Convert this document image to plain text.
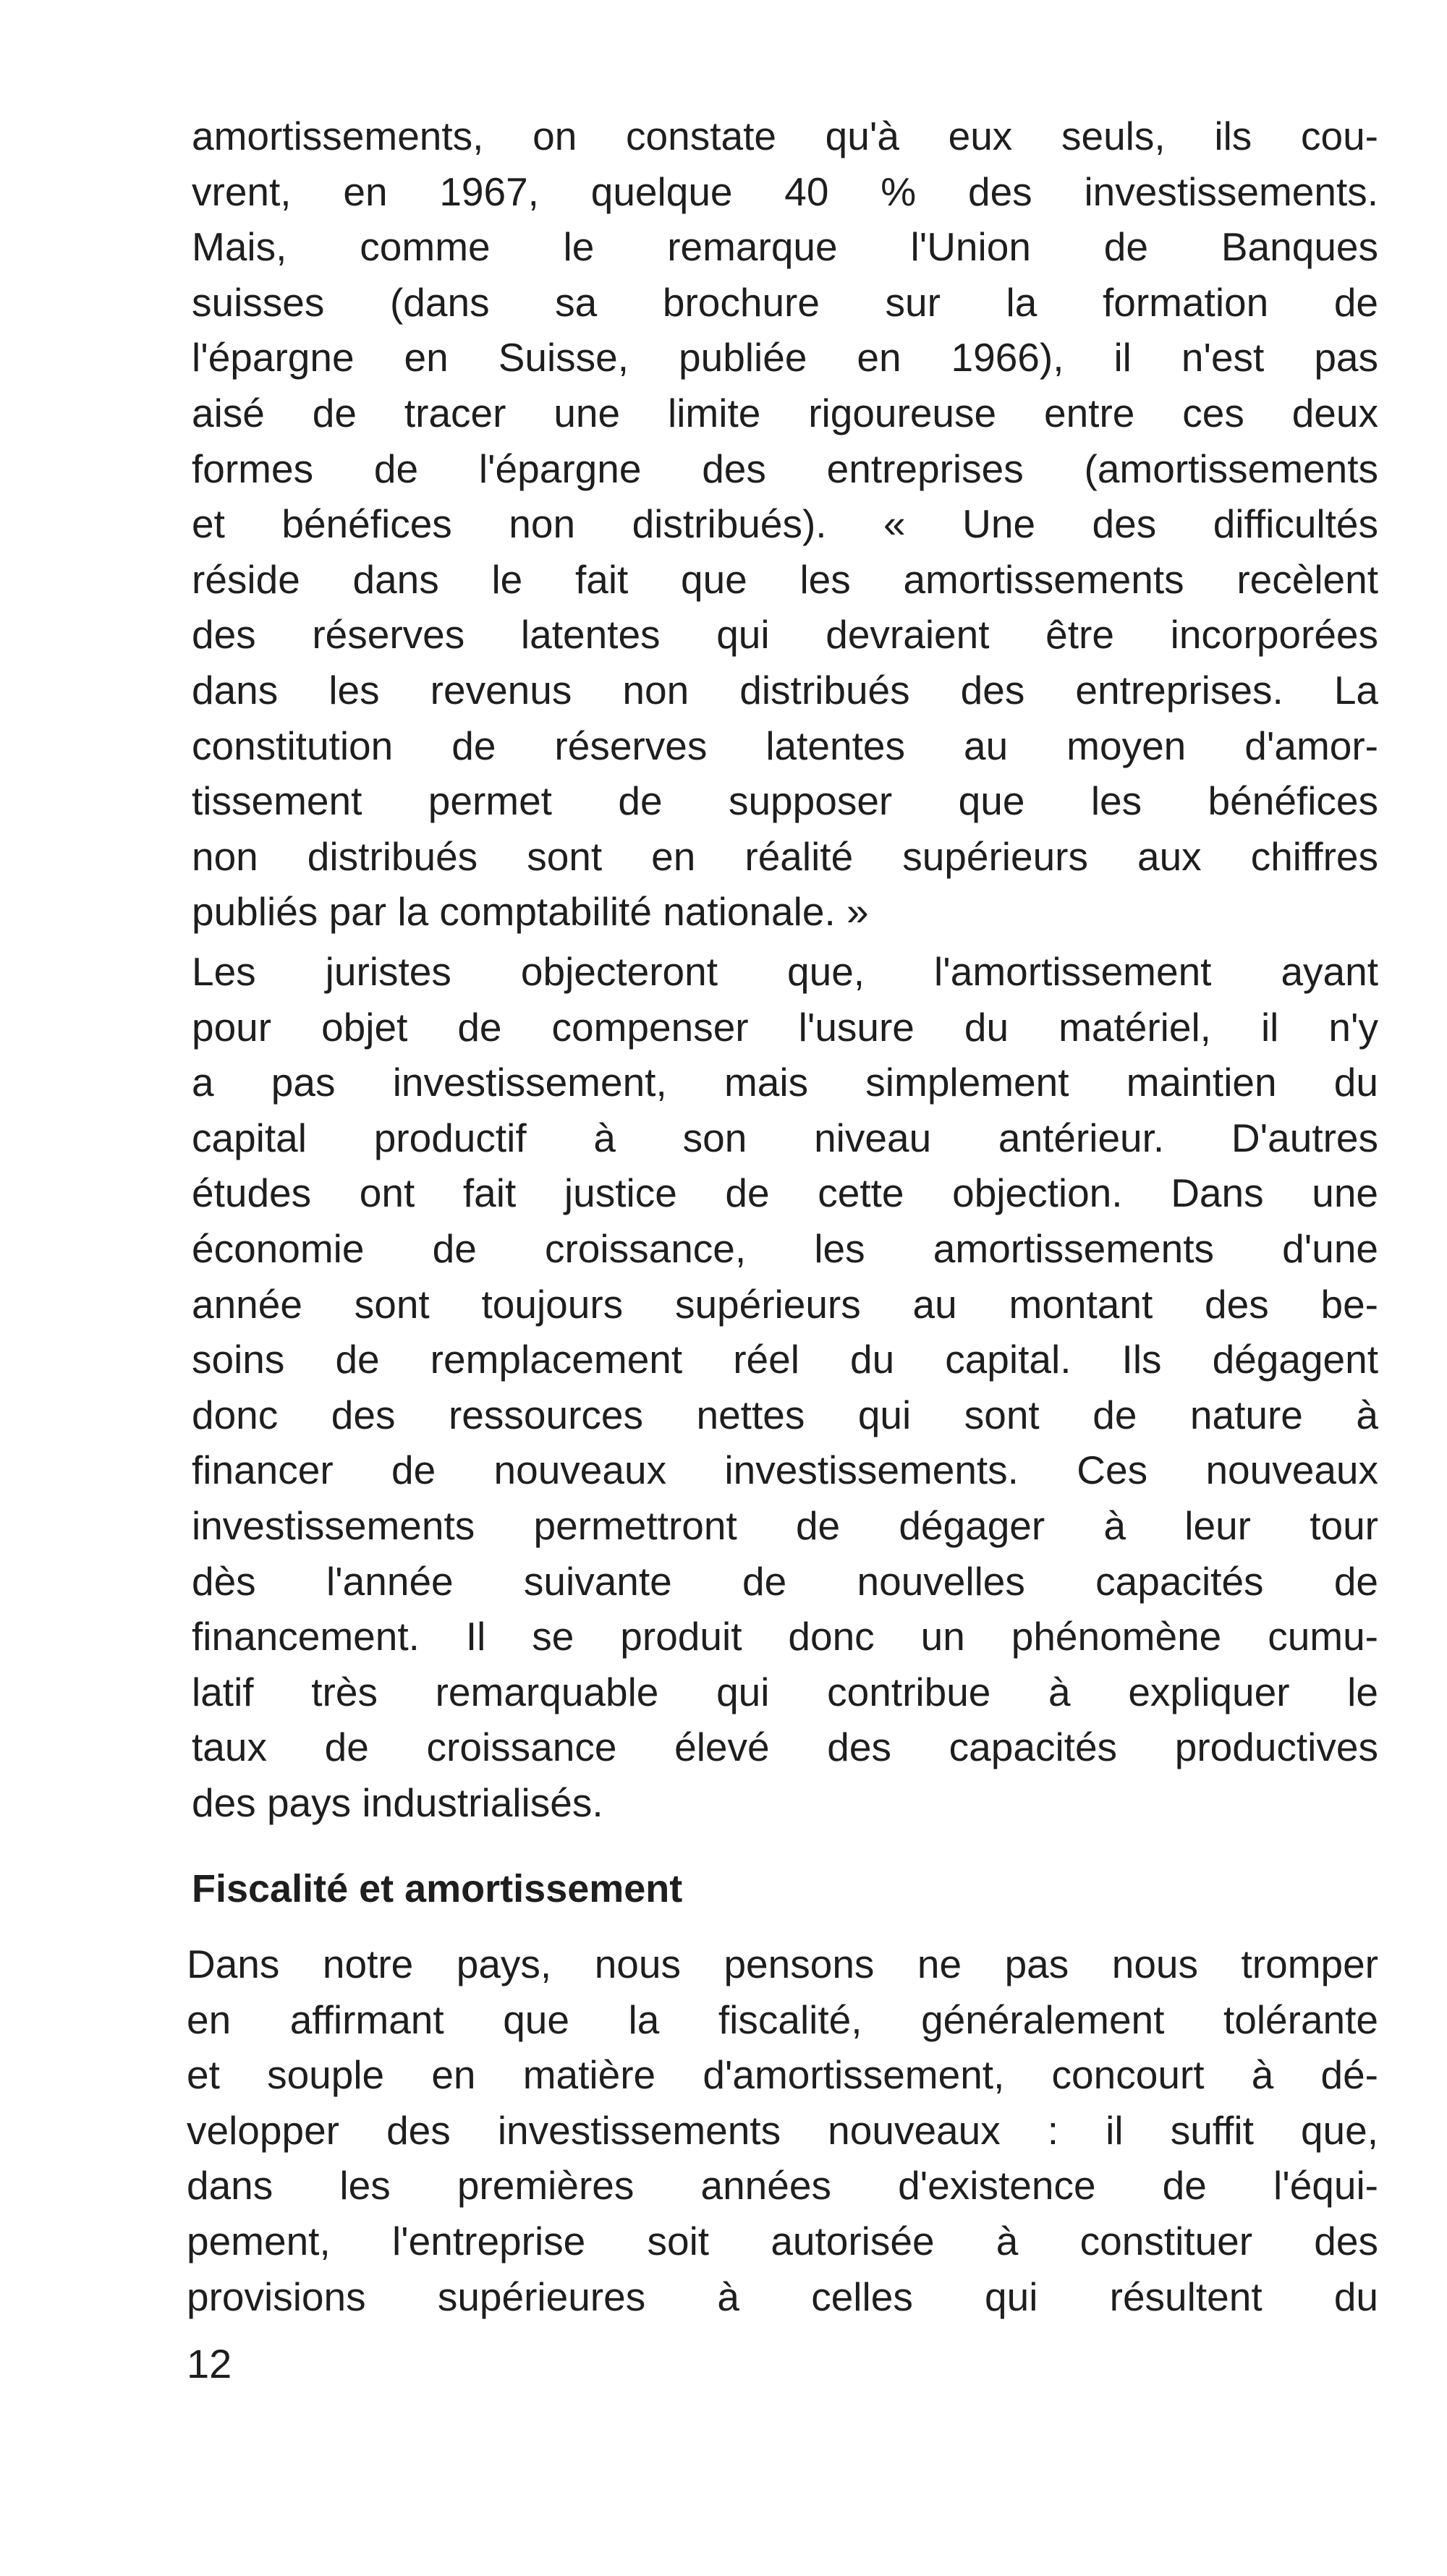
amortissements, on constate qu'à eux seuls, ils cou-
vrent, en 1967, quelque 40 % des investissements.
Mais, comme le remarque l'Union de Banques
suisses (dans sa brochure sur la formation de
l'épargne en Suisse, publiée en 1966), il n'est pas
aisé de tracer une limite rigoureuse entre ces deux
formes de l'épargne des entreprises (amortissements
et bénéfices non distribués). « Une des difficultés
réside dans le fait que les amortissements recèlent
des réserves latentes qui devraient être incorporées
dans les revenus non distribués des entreprises. La
constitution de réserves latentes au moyen d'amor-
tissement permet de supposer que les bénéfices
non distribués sont en réalité supérieurs aux chiffres
publiés par la comptabilité nationale. »
Les juristes objecteront que, l'amortissement ayant
pour objet de compenser l'usure du matériel, il n'y
a pas investissement, mais simplement maintien du
capital productif à son niveau antérieur. D'autres
études ont fait justice de cette objection. Dans une
économie de croissance, les amortissements d'une
année sont toujours supérieurs au montant des be-
soins de remplacement réel du capital. Ils dégagent
donc des ressources nettes qui sont de nature à
financer de nouveaux investissements. Ces nouveaux
investissements permettront de dégager à leur tour
dès l'année suivante de nouvelles capacités de
financement. Il se produit donc un phénomène cumu-
latif très remarquable qui contribue à expliquer le
taux de croissance élevé des capacités productives
des pays industrialisés.
Fiscalité et amortissement
Dans notre pays, nous pensons ne pas nous tromper
en affirmant que la fiscalité, généralement tolérante
et souple en matière d'amortissement, concourt à dé-
velopper des investissements nouveaux : il suffit que,
dans les premières années d'existence de l'équi-
pement, l'entreprise soit autorisée à constituer des
provisions supérieures à celles qui résultent du

12
